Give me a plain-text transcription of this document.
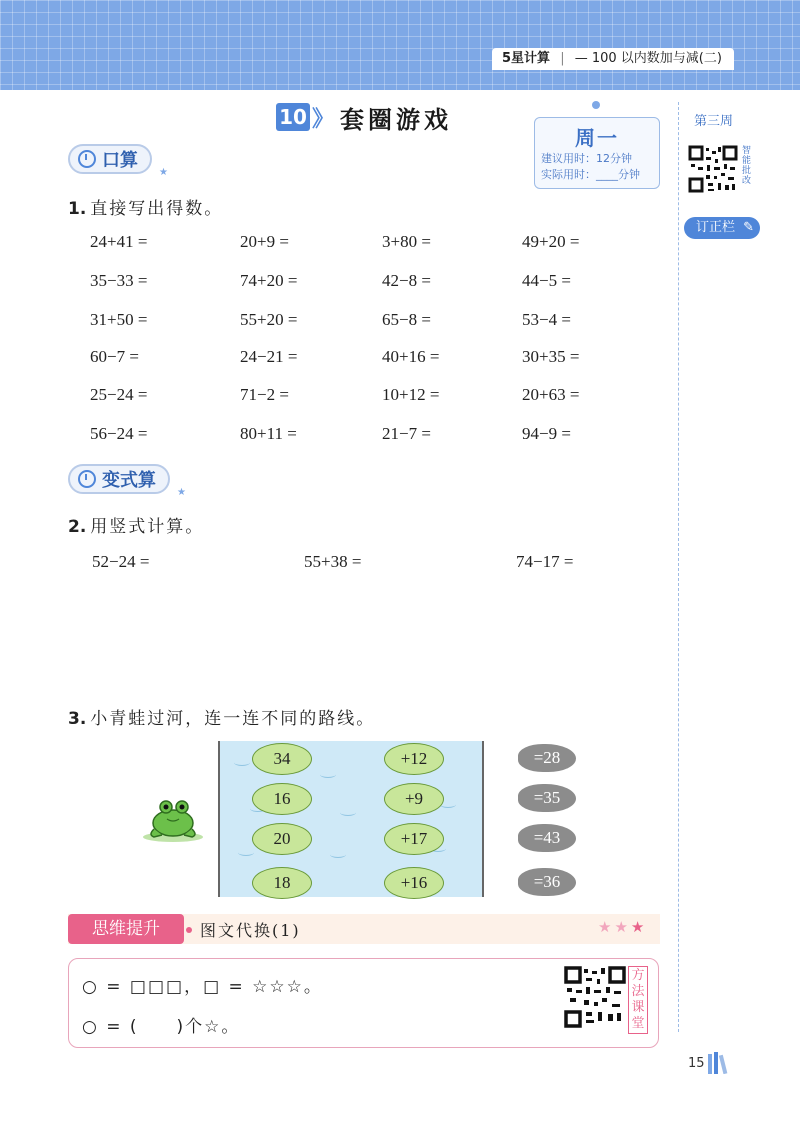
5星计算 | — 100 以内数加与减(二)
10 》 套圈游戏
周一
建议用时：12分钟
实际用时：____分钟
第三周
智能批改
订正栏 ✎
口算
★
1. 直接写出得数。
24+41 =	20+9 =	3+80 =	49+20 =
35−33 =	74+20 =	42−8 =	44−5 =
31+50 =	55+20 =	65−8 =	53−4 =
60−7 =	24−21 =	40+16 =	30+35 =
25−24 =	71−2 =	10+12 =	20+63 =
56−24 =	80+11 =	21−7 =	94−9 =
变式算
★
2. 用竖式计算。
52−24 =	55+38 =	74−17 =
3. 小青蛙过河，连一连不同的路线。
34
16
20
18
+12
+9
+17
+16
=28
=35
=43
=36
思维提升	图文代换(1)	★★★
○ = □□□，□ = ☆☆☆。
○ = (　　)个☆。
方
法
课
堂
15
